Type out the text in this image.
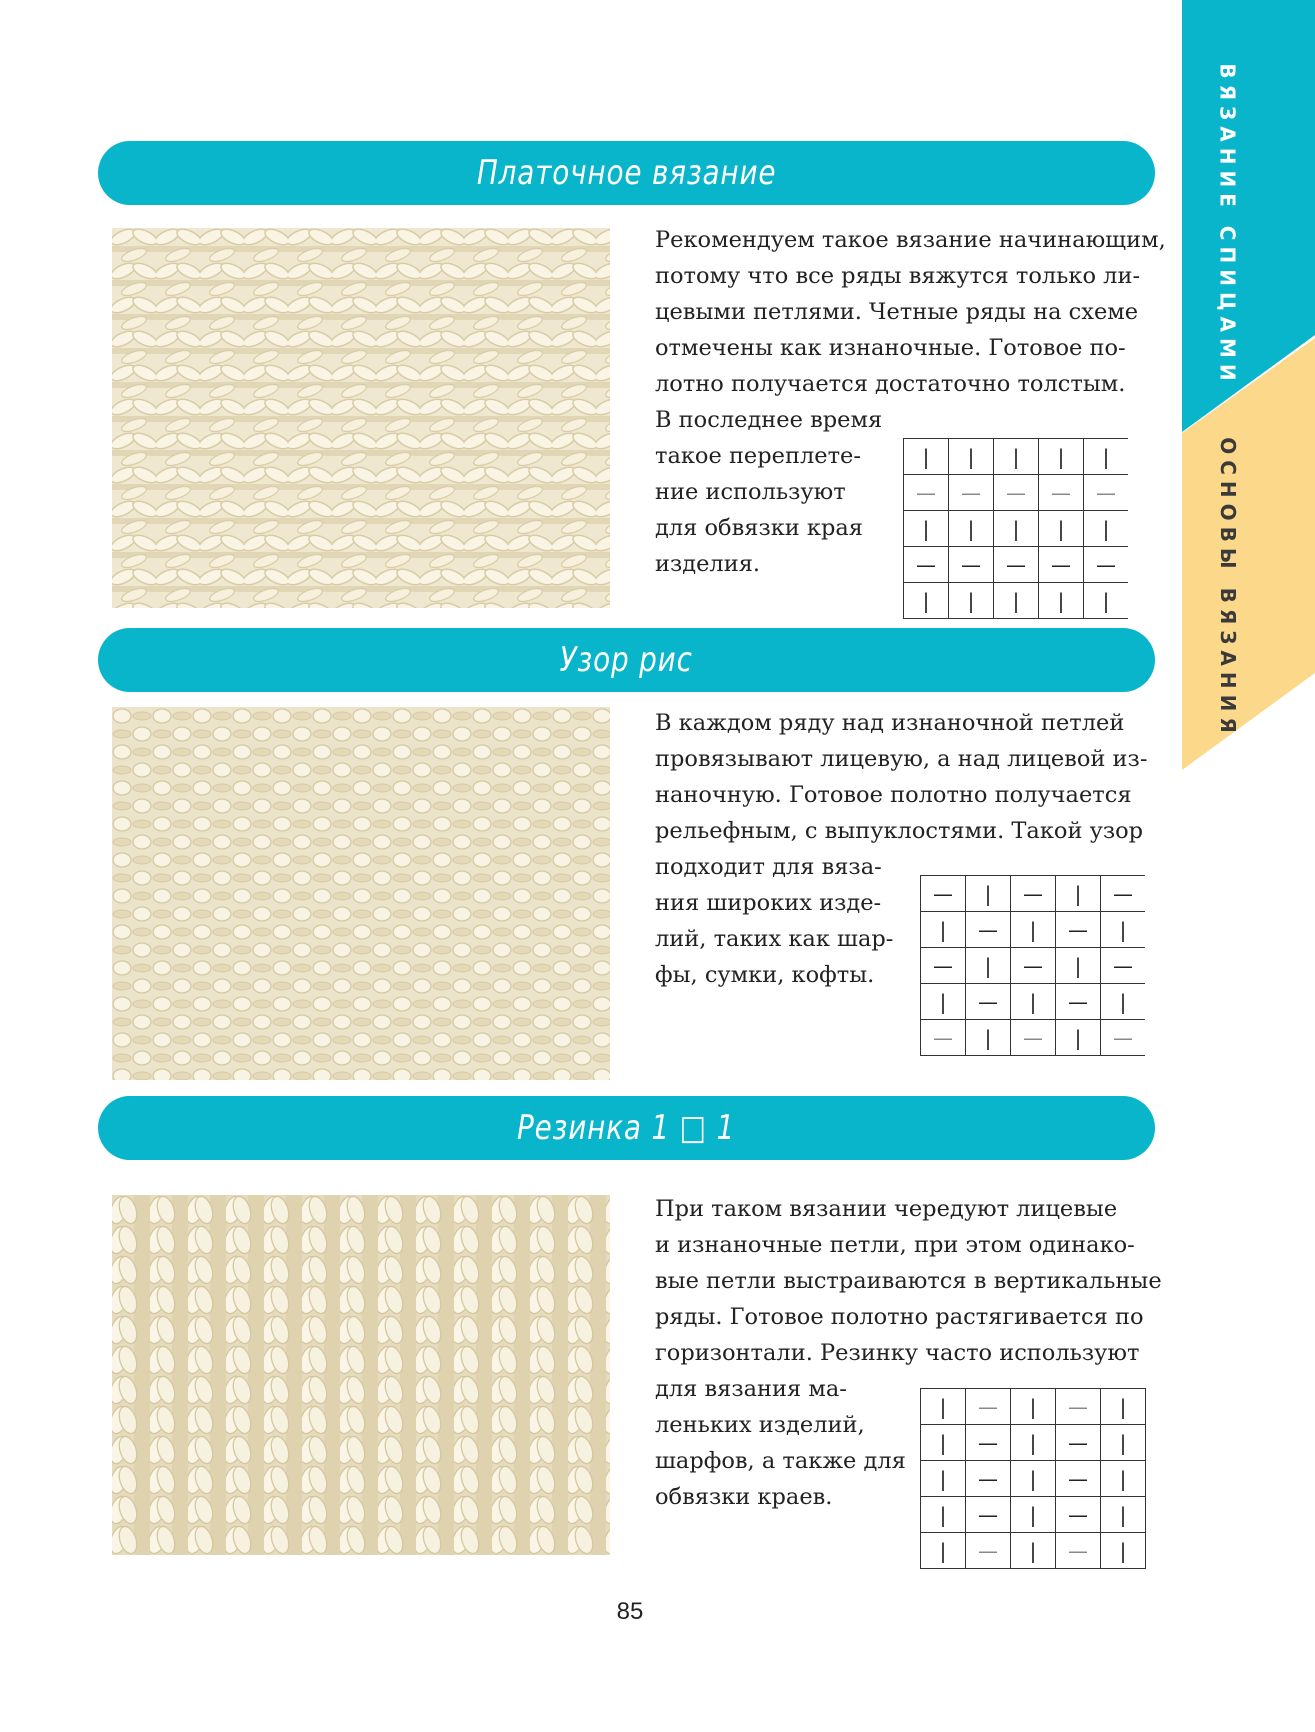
ВЯЗАНИЕ СПИЦАМИ
ОСНОВЫ ВЯЗАНИЯ
Платочное вязание
Рекомендуем такое вязание начинающим,
потому что все ряды вяжутся только ли-
цевыми петлями. Четные ряды на схеме
отмечены как изнаночные. Готовое по-
лотно получается достаточно толстым.
В последнее время
такое переплете-
ние используют
для обвязки края
изделия.
|	|	|	|	|
—	—	—	—	—
|	|	|	|	|
—	—	—	—	—
|	|	|	|	|
Узор рис
В каждом ряду над изнаночной петлей
провязывают лицевую, а над лицевой из-
наночную. Готовое полотно получается
рельефным, с выпуклостями. Такой узор
подходит для вяза-
ния широких изде-
лий, таких как шар-
фы, сумки, кофты.
—	|	—	|	—
|	—	|	—	|
—	|	—	|	—
|	—	|	—	|
—	|	—	|	—
Резинка 1 □ 1
При таком вязании чередуют лицевые
и изнаночные петли, при этом одинако-
вые петли выстраиваются в вертикальные
ряды. Готовое полотно растягивается по
горизонтали. Резинку часто используют
для вязания ма-
леньких изделий,
шарфов, а также для
обвязки краев.
|	—	|	—	|
|	—	|	—	|
|	—	|	—	|
|	—	|	—	|
|	—	|	—	|
85
